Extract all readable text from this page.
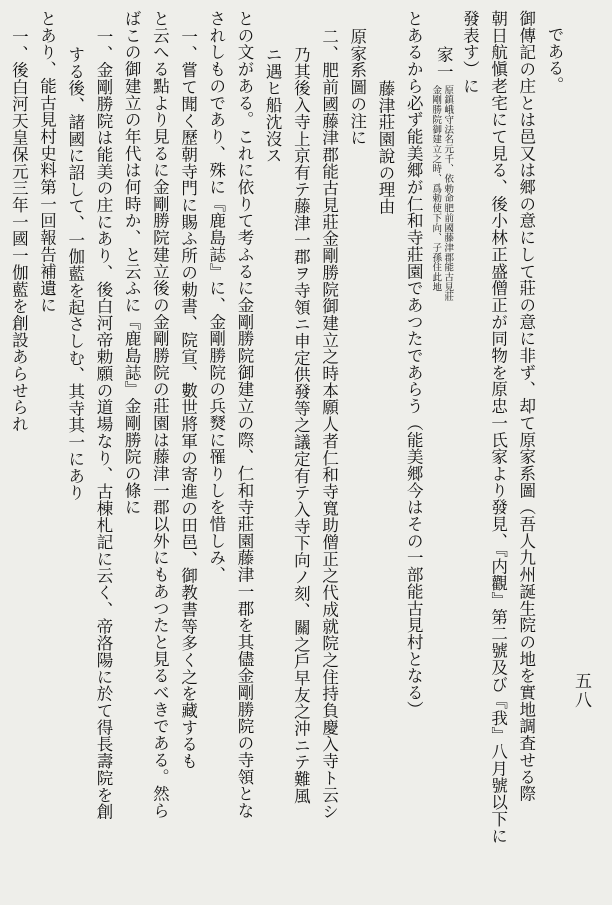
五八
である。
御傳記の庄とは邑又は郷の意にして莊の意に非ず、却て原家系圖（吾人九州誕生院の地を實地調査せる際
朝日航愼老宅にて見る、後小林正盛僧正が同物を原忠一氏家より發見、『内觀』第二號及び『我』八月號以下に
發表す）に
家一
原鎮峨守法名元千、依勅命肥前國藤津郡能古見莊
金剛勝院御建立之時、爲勅使下向、子孫住此地
とあるから必ず能美郷が仁和寺莊園であつたであらう（能美郷今はその一部能古見村となる）
藤津莊園說の理由
原家系圖の注に
二、肥前國藤津郡能古見莊金剛勝院御建立之時本願人者仁和寺寬助僧正之代成就院之住持負慶入寺ト云シ
乃其後入寺上京有テ藤津一郡ヲ寺領ニ申定供發等之議定有テ入寺下向ノ刻、關之戶早友之沖ニテ難風
ニ遇ヒ船沈沒ス
との文がある。これに依りて考ふるに金剛勝院御建立の際、仁和寺莊園藤津一郡を其儘金剛勝院の寺領とな
されしものであり、殊に『鹿島誌』に、金剛勝院の兵燹に罹りしを惜しみ、
一、嘗て聞く歷朝寺門に賜ふ所の勅書、院宣、數世將軍の寄進の田邑、御教書等多く之を藏するも
と云へる點より見るに金剛勝院建立後の金剛勝院の莊園は藤津一郡以外にもあつたと見るべきである。然ら
ばこの御建立の年代は何時か、と云ふに『鹿島誌』金剛勝院の條に
一、金剛勝院は能美の庄にあり、後白河帝勅願の道場なり、古棟札記に云く、帝洛陽に於て得長壽院を創
する後、諸國に詔して、一伽藍を起さしむ、其寺其一にあり
とあり、能古見村史料第一回報告補遺に
一、後白河天皇保元三年一國一伽藍を創設あらせられ
